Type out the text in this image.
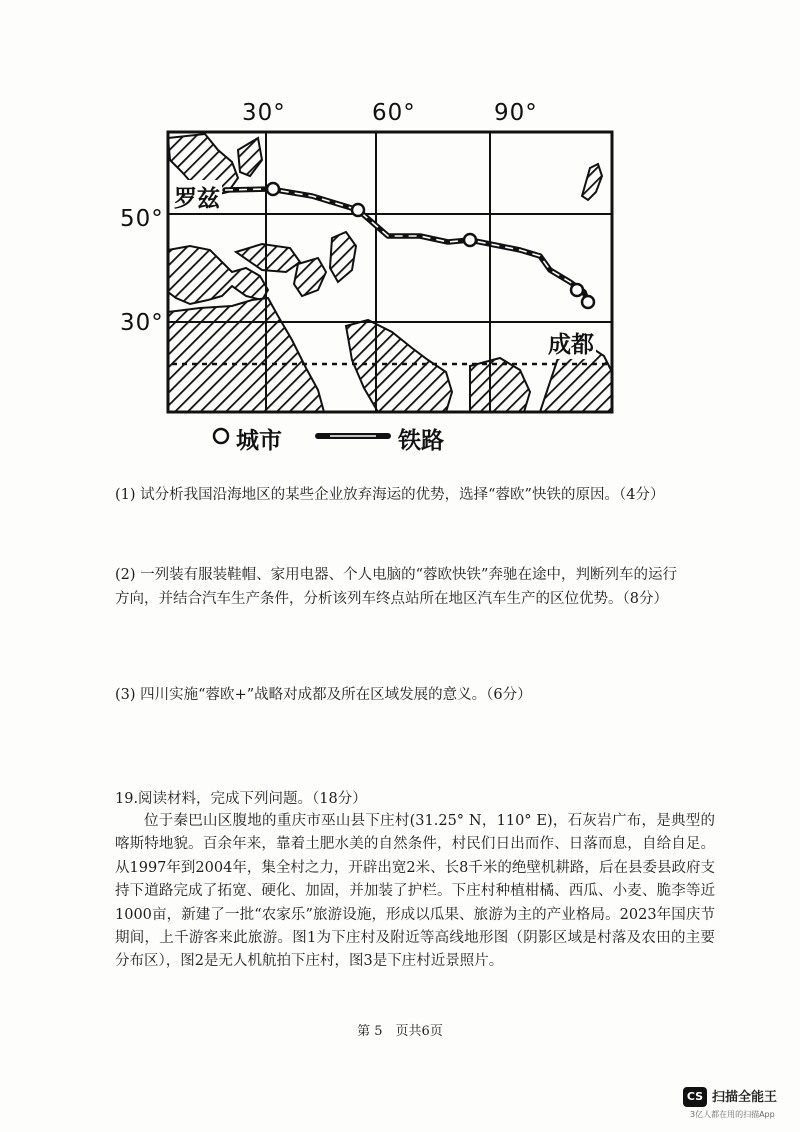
30°	60°	90°
50°
30°
罗兹
成都
城市	铁路
(1) 试分析我国沿海地区的某些企业放弃海运的优势，选择“蓉欧”快铁的原因。（4分）
(2) 一列装有服装鞋帽、家用电器、个人电脑的“蓉欧快铁”奔驰在途中，判断列车的运行
方向，并结合汽车生产条件，分析该列车终点站所在地区汽车生产的区位优势。（8分）
(3) 四川实施“蓉欧+”战略对成都及所在区域发展的意义。（6分）
19.阅读材料，完成下列问题。（18分）
位于秦巴山区腹地的重庆市巫山县下庄村(31.25° N，110° E)，石灰岩广布，是典型的喀斯特地貌。百余年来，靠着土肥水美的自然条件，村民们日出而作、日落而息，自给自足。从1997年到2004年，集全村之力，开辟出宽2米、长8千米的绝壁机耕路，后在县委县政府支持下道路完成了拓宽、硬化、加固，并加装了护栏。下庄村种植柑橘、西瓜、小麦、脆李等近1000亩，新建了一批“农家乐”旅游设施，形成以瓜果、旅游为主的产业格局。2023年国庆节期间，上千游客来此旅游。图1为下庄村及附近等高线地形图（阴影区域是村落及农田的主要分布区），图2是无人机航拍下庄村，图3是下庄村近景照片。
第 5　页共6页
CS 扫描全能王
3亿人都在用的扫描App
